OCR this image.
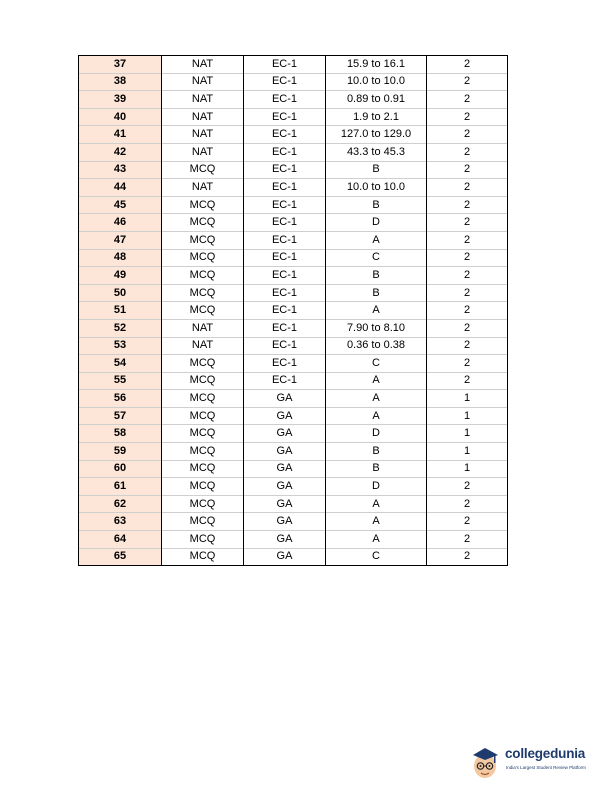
37	NAT	EC-1	15.9 to 16.1	2
38	NAT	EC-1	10.0 to 10.0	2
39	NAT	EC-1	0.89 to 0.91	2
40	NAT	EC-1	1.9 to 2.1	2
41	NAT	EC-1	127.0 to 129.0	2
42	NAT	EC-1	43.3 to 45.3	2
43	MCQ	EC-1	B	2
44	NAT	EC-1	10.0 to 10.0	2
45	MCQ	EC-1	B	2
46	MCQ	EC-1	D	2
47	MCQ	EC-1	A	2
48	MCQ	EC-1	C	2
49	MCQ	EC-1	B	2
50	MCQ	EC-1	B	2
51	MCQ	EC-1	A	2
52	NAT	EC-1	7.90 to 8.10	2
53	NAT	EC-1	0.36 to 0.38	2
54	MCQ	EC-1	C	2
55	MCQ	EC-1	A	2
56	MCQ	GA	A	1
57	MCQ	GA	A	1
58	MCQ	GA	D	1
59	MCQ	GA	B	1
60	MCQ	GA	B	1
61	MCQ	GA	D	2
62	MCQ	GA	A	2
63	MCQ	GA	A	2
64	MCQ	GA	A	2
65	MCQ	GA	C	2
collegedunia
India's Largest Student Review Platform
